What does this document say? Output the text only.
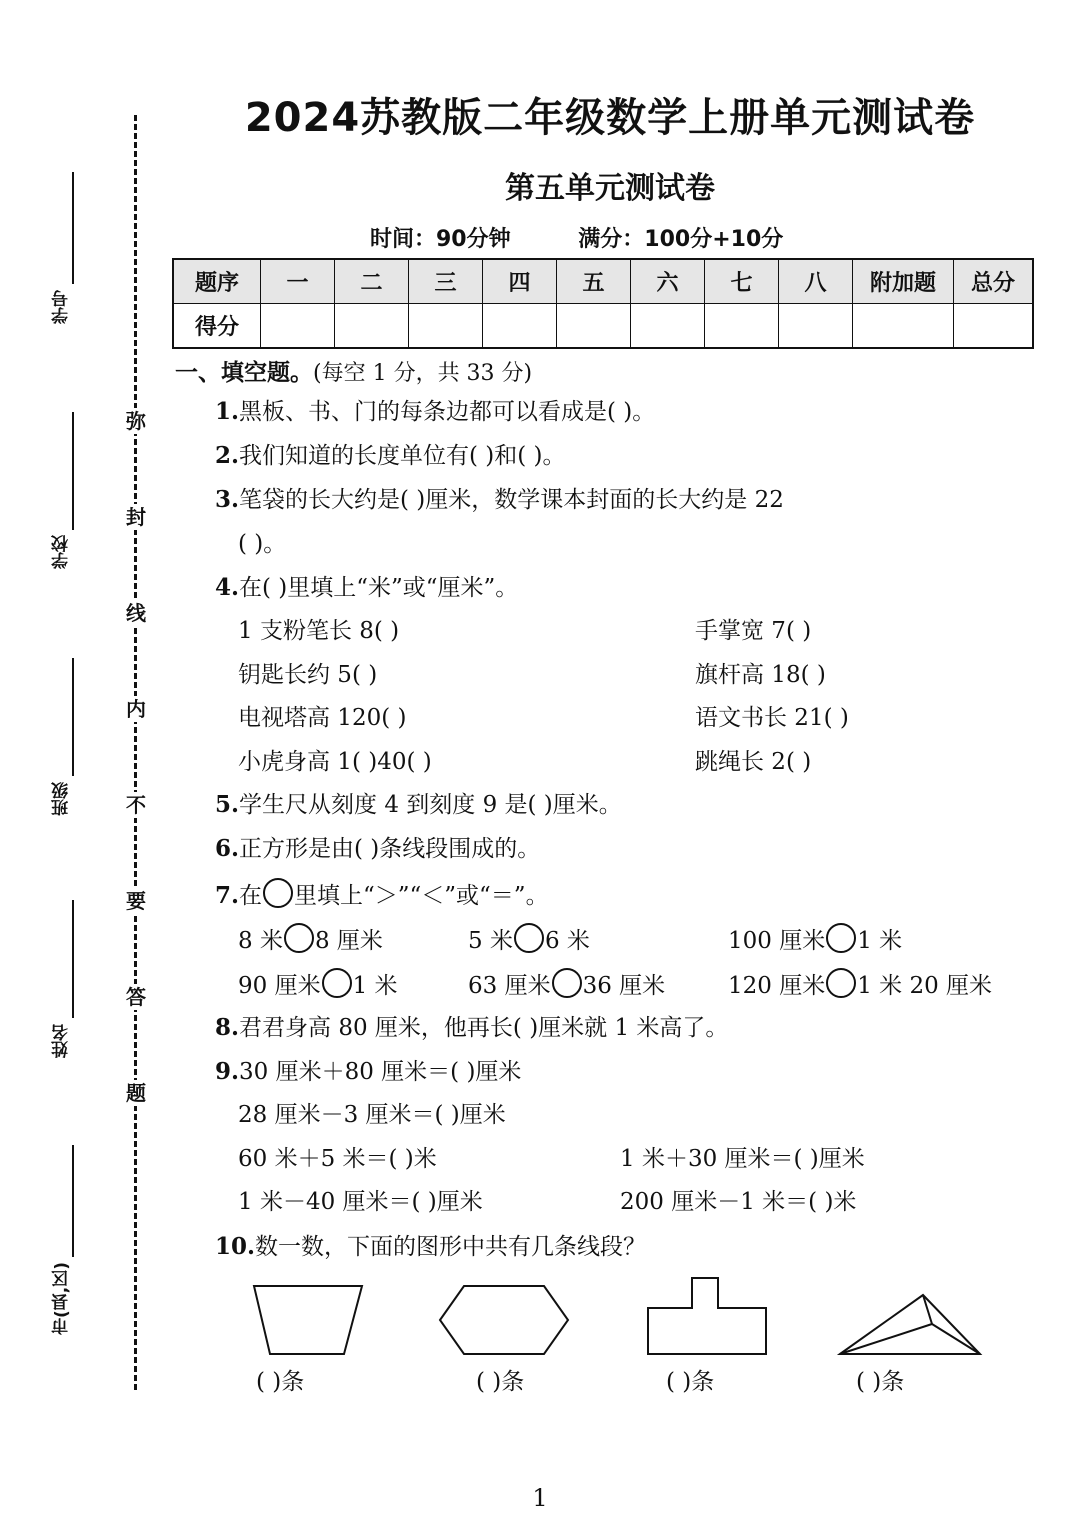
学号
学校
班级
姓名
市(县,区)
弥
封
线
内
不
要
答
题
2024苏教版二年级数学上册单元测试卷
第五单元测试卷
时间：90分钟	满分：100分+10分
题序	一	二	三	四	五	六	七	八	附加题	总分
得分										
一、填空题。(每空 1 分，共 33 分)
1.黑板、书、门的每条边都可以看成是( )。
2.我们知道的长度单位有( )和( )。
3.笔袋的长大约是( )厘米，数学课本封面的长大约是 22
( )。
4.在( )里填上“米”或“厘米”。
1 支粉笔长 8( )	手掌宽 7( )
钥匙长约 5( )	旗杆高 18( )
电视塔高 120( )	语文书长 21( )
小虎身高 1( )40( )	跳绳长 2( )
5.学生尺从刻度 4 到刻度 9 是( )厘米。
6.正方形是由( )条线段围成的。
7.在 里填上“＞”“＜”或“＝”。
8 米 8 厘米	5 米 6 米	100 厘米 1 米
90 厘米 1 米	63 厘米 36 厘米	120 厘米 1 米 20 厘米
8.君君身高 80 厘米，他再长( )厘米就 1 米高了。
9.30 厘米＋80 厘米＝( )厘米
28 厘米－3 厘米＝( )厘米
60 米＋5 米＝( )米	1 米＋30 厘米＝( )厘米
1 米－40 厘米＝( )厘米	200 厘米－1 米＝( )米
10.数一数，下面的图形中共有几条线段？
( )条	( )条	( )条	( )条
1
